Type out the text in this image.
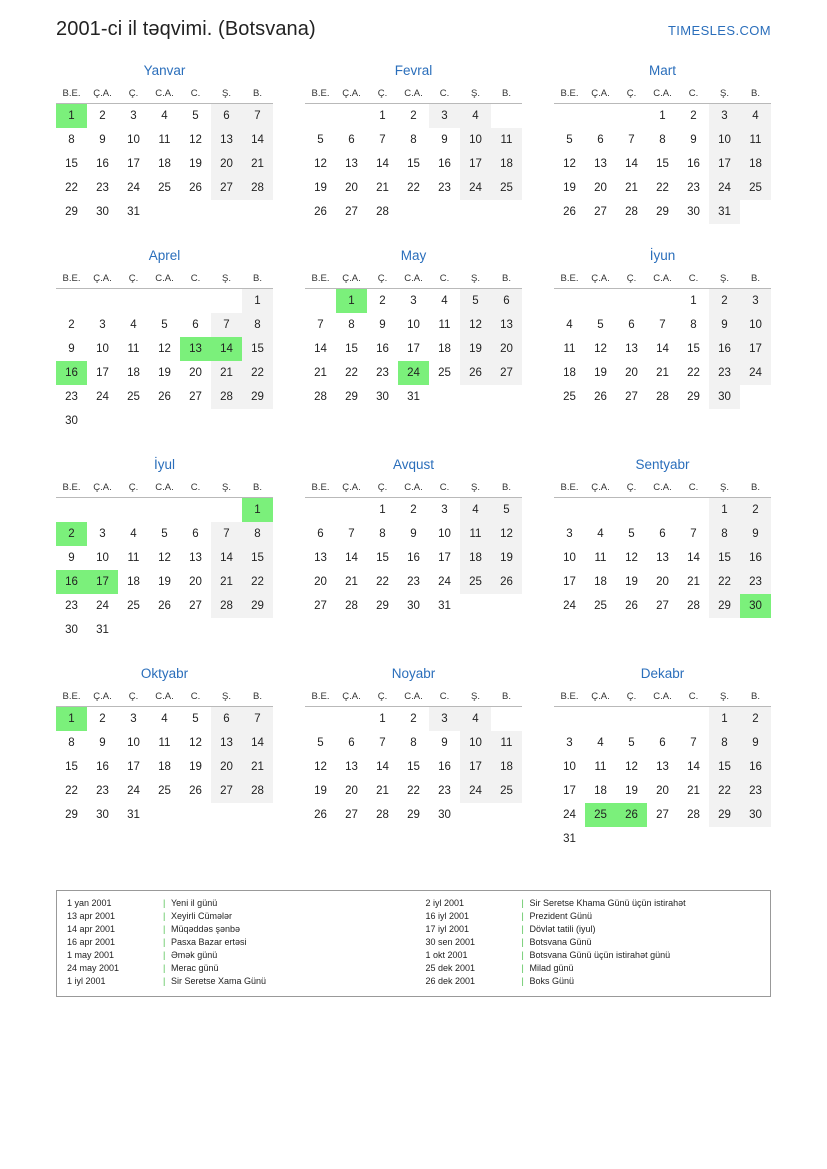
2001-ci il təqvimi. (Botsvana)	TIMESLES.COM
Yanvar
B.E.	Ç.A.	Ç.	C.A.	C.	Ş.	B.
1	2	3	4	5	6	7
8	9	10	11	12	13	14
15	16	17	18	19	20	21
22	23	24	25	26	27	28
29	30	31				
Fevral
B.E.	Ç.A.	Ç.	C.A.	C.	Ş.	B.
		1	2	3	4	
5	6	7	8	9	10	11
12	13	14	15	16	17	18
19	20	21	22	23	24	25
26	27	28				
Mart
B.E.	Ç.A.	Ç.	C.A.	C.	Ş.	B.
			1	2	3	4
5	6	7	8	9	10	11
12	13	14	15	16	17	18
19	20	21	22	23	24	25
26	27	28	29	30	31	
Aprel
B.E.	Ç.A.	Ç.	C.A.	C.	Ş.	B.
						1
2	3	4	5	6	7	8
9	10	11	12	13	14	15
16	17	18	19	20	21	22
23	24	25	26	27	28	29
30						
May
B.E.	Ç.A.	Ç.	C.A.	C.	Ş.	B.
	1	2	3	4	5	6
7	8	9	10	11	12	13
14	15	16	17	18	19	20
21	22	23	24	25	26	27
28	29	30	31			
İyun
B.E.	Ç.A.	Ç.	C.A.	C.	Ş.	B.
				1	2	3
4	5	6	7	8	9	10
11	12	13	14	15	16	17
18	19	20	21	22	23	24
25	26	27	28	29	30	
İyul
B.E.	Ç.A.	Ç.	C.A.	C.	Ş.	B.
						1
2	3	4	5	6	7	8
9	10	11	12	13	14	15
16	17	18	19	20	21	22
23	24	25	26	27	28	29
30	31					
Avqust
B.E.	Ç.A.	Ç.	C.A.	C.	Ş.	B.
		1	2	3	4	5
6	7	8	9	10	11	12
13	14	15	16	17	18	19
20	21	22	23	24	25	26
27	28	29	30	31		
Sentyabr
B.E.	Ç.A.	Ç.	C.A.	C.	Ş.	B.
					1	2
3	4	5	6	7	8	9
10	11	12	13	14	15	16
17	18	19	20	21	22	23
24	25	26	27	28	29	30
Oktyabr
B.E.	Ç.A.	Ç.	C.A.	C.	Ş.	B.
1	2	3	4	5	6	7
8	9	10	11	12	13	14
15	16	17	18	19	20	21
22	23	24	25	26	27	28
29	30	31				
Noyabr
B.E.	Ç.A.	Ç.	C.A.	C.	Ş.	B.
		1	2	3	4	
5	6	7	8	9	10	11
12	13	14	15	16	17	18
19	20	21	22	23	24	25
26	27	28	29	30		
Dekabr
B.E.	Ç.A.	Ç.	C.A.	C.	Ş.	B.
					1	2
3	4	5	6	7	8	9
10	11	12	13	14	15	16
17	18	19	20	21	22	23
24	25	26	27	28	29	30
31						
1 yan 2001	| Yeni il günü
13 apr 2001	| Xeyirli Cümələr
14 apr 2001	| Müqəddəs şənbə
16 apr 2001	| Pasxa Bazar ertəsi
1 may 2001	| Əmək günü
24 may 2001	| Merac günü
1 iyl 2001	| Sir Seretse Xama Günü
2 iyl 2001	| Sir Seretse Khama Günü üçün istirahət
16 iyl 2001	| Prezident Günü
17 iyl 2001	| Dövlət tatili (iyul)
30 sen 2001	| Botsvana Günü
1 okt 2001	| Botsvana Günü üçün istirahət günü
25 dek 2001	| Milad günü
26 dek 2001	| Boks Günü
